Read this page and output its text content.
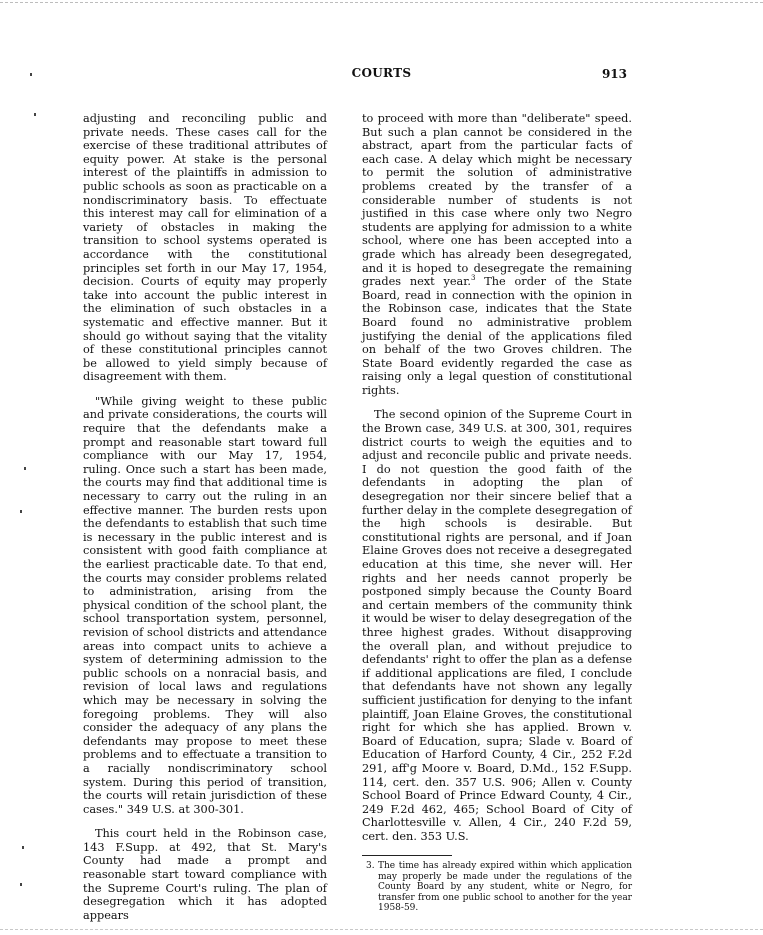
COURTS	913

adjusting and reconciling public and private needs. These cases call for the exercise of these traditional attributes of equity power. At stake is the personal interest of the plaintiffs in admission to public schools as soon as practicable on a nondiscriminatory basis. To effectuate this interest may call for elimination of a variety of obstacles in making the transition to school systems operated is accordance with the constitutional principles set forth in our May 17, 1954, decision. Courts of equity may properly take into account the public interest in the elimination of such obstacles in a systematic and effective manner. But it should go without saying that the vitality of these constitutional principles cannot be allowed to yield simply because of disagreement with them.

"While giving weight to these public and private considerations, the courts will require that the defendants make a prompt and reasonable start toward full compliance with our May 17, 1954, ruling. Once such a start has been made, the courts may find that additional time is necessary to carry out the ruling in an effective manner. The burden rests upon the defendants to establish that such time is necessary in the public interest and is consistent with good faith compliance at the earliest practicable date. To that end, the courts may consider problems related to administration, arising from the physical condition of the school plant, the school transportation system, personnel, revision of school districts and attendance areas into compact units to achieve a system of determining admission to the public schools on a nonracial basis, and revision of local laws and regulations which may be necessary in solving the foregoing problems. They will also consider the adequacy of any plans the defendants may propose to meet these problems and to effectuate a transition to a racially nondiscriminatory school system. During this period of transition, the courts will retain jurisdiction of these cases." 349 U.S. at 300-301.

This court held in the Robinson case, 143 F.Supp. at 492, that St. Mary's County had made a prompt and reasonable start toward compliance with the Supreme Court's ruling. The plan of desegregation which it has adopted appears

to proceed with more than "deliberate" speed. But such a plan cannot be considered in the abstract, apart from the particular facts of each case. A delay which might be necessary to permit the solution of administrative problems created by the transfer of a considerable number of students is not justified in this case where only two Negro students are applying for admission to a white school, where one has been accepted into a grade which has already been desegregated, and it is hoped to desegregate the remaining grades next year.$^3$ The order of the State Board, read in connection with the opinion in the Robinson case, indicates that the State Board found no administrative problem justifying the denial of the applications filed on behalf of the two Groves children. The State Board evidently regarded the case as raising only a legal question of constitutional rights.

The second opinion of the Supreme Court in the Brown case, 349 U.S. at 300, 301, requires district courts to weigh the equities and to adjust and reconcile public and private needs. I do not question the good faith of the defendants in adopting the plan of desegregation nor their sincere belief that a further delay in the complete desegregation of the high schools is desirable. But constitutional rights are personal, and if Joan Elaine Groves does not receive a desegregated education at this time, she never will. Her rights and her needs cannot properly be postponed simply because the County Board and certain members of the community think it would be wiser to delay desegregation of the three highest grades. Without disapproving the overall plan, and without prejudice to defendants' right to offer the plan as a defense if additional applications are filed, I conclude that defendants have not shown any legally sufficient justification for denying to the infant plaintiff, Joan Elaine Groves, the constitutional right for which she has applied. Brown v. Board of Education, supra; Slade v. Board of Education of Harford County, 4 Cir., 252 F.2d 291, aff'g Moore v. Board, D.Md., 152 F.Supp. 114, cert. den. 357 U.S. 906; Allen v. County School Board of Prince Edward County, 4 Cir., 249 F.2d 462, 465; School Board of City of Charlottesville v. Allen, 4 Cir., 240 F.2d 59, cert. den. 353 U.S.

3. The time has already expired within which application may properly be made under the regulations of the County Board by any student, white or Negro, for transfer from one public school to another for the year 1958-59.
